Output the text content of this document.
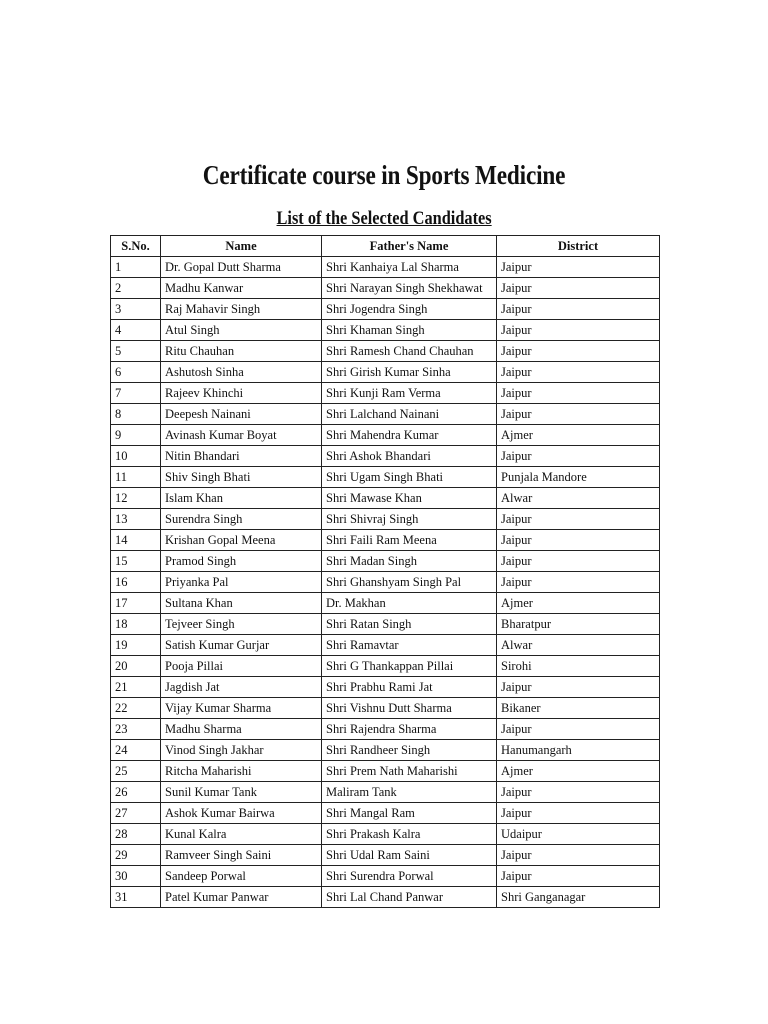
Certificate course in Sports Medicine
List of the Selected Candidates
S.No.	Name	Father's Name	District
1	Dr. Gopal Dutt Sharma	Shri Kanhaiya Lal Sharma	Jaipur
2	Madhu Kanwar	Shri Narayan Singh Shekhawat	Jaipur
3	Raj Mahavir Singh	Shri Jogendra Singh	Jaipur
4	Atul Singh	Shri Khaman Singh	Jaipur
5	Ritu Chauhan	Shri Ramesh Chand Chauhan	Jaipur
6	Ashutosh Sinha	Shri Girish Kumar Sinha	Jaipur
7	Rajeev Khinchi	Shri Kunji Ram Verma	Jaipur
8	Deepesh Nainani	Shri Lalchand Nainani	Jaipur
9	Avinash Kumar Boyat	Shri Mahendra Kumar	Ajmer
10	Nitin Bhandari	Shri Ashok Bhandari	Jaipur
11	Shiv Singh Bhati	Shri Ugam Singh Bhati	Punjala Mandore
12	Islam Khan	Shri Mawase Khan	Alwar
13	Surendra Singh	Shri Shivraj Singh	Jaipur
14	Krishan Gopal Meena	Shri Faili Ram Meena	Jaipur
15	Pramod Singh	Shri Madan Singh	Jaipur
16	Priyanka Pal	Shri Ghanshyam Singh Pal	Jaipur
17	Sultana Khan	Dr. Makhan	Ajmer
18	Tejveer Singh	Shri Ratan Singh	Bharatpur
19	Satish Kumar Gurjar	Shri Ramavtar	Alwar
20	Pooja Pillai	Shri G Thankappan Pillai	Sirohi
21	Jagdish Jat	Shri Prabhu Rami Jat	Jaipur
22	Vijay Kumar Sharma	Shri Vishnu Dutt Sharma	Bikaner
23	Madhu Sharma	Shri Rajendra Sharma	Jaipur
24	Vinod Singh Jakhar	Shri Randheer Singh	Hanumangarh
25	Ritcha Maharishi	Shri Prem Nath Maharishi	Ajmer
26	Sunil Kumar Tank	Maliram Tank	Jaipur
27	Ashok Kumar Bairwa	Shri Mangal Ram	Jaipur
28	Kunal Kalra	Shri Prakash Kalra	Udaipur
29	Ramveer Singh Saini	Shri Udal Ram Saini	Jaipur
30	Sandeep Porwal	Shri Surendra Porwal	Jaipur
31	Patel Kumar Panwar	Shri Lal Chand Panwar	Shri Ganganagar
